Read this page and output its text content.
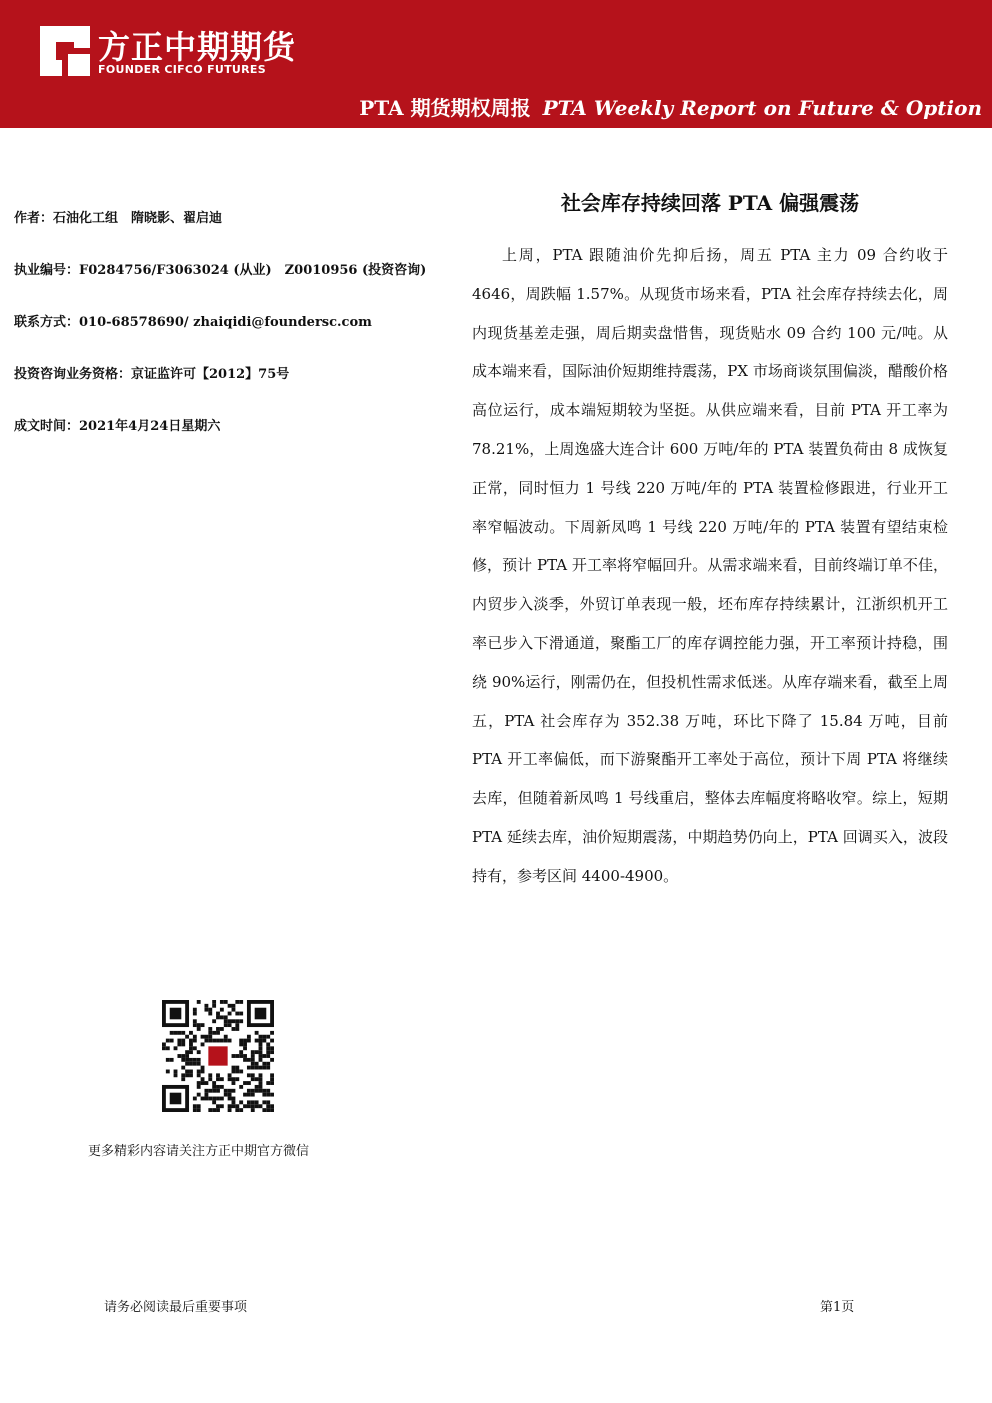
方正中期期货
FOUNDER CIFCO FUTURES
PTA 期货期权周报 PTA Weekly Report on Future & Option
作者：石油化工组　隋晓影、翟启迪
执业编号：F0284756/F3063024 (从业)　Z0010956 (投资咨询)
联系方式：010-68578690/ zhaiqidi@foundersc.com
投资咨询业务资格：京证监许可【2012】75号
成文时间：2021年4月24日星期六
社会库存持续回落 PTA 偏强震荡

上周，PTA 跟随油价先抑后扬，周五 PTA 主力 09 合约收于 4646，周跌幅 1.57%。从现货市场来看，PTA 社会库存持续去化，周内现货基差走强，周后期卖盘惜售，现货贴水 09 合约 100 元/吨。从成本端来看，国际油价短期维持震荡，PX 市场商谈氛围偏淡，醋酸价格高位运行，成本端短期较为坚挺。从供应端来看，目前 PTA 开工率为 78.21%，上周逸盛大连合计 600 万吨/年的 PTA 装置负荷由 8 成恢复正常，同时恒力 1 号线 220 万吨/年的 PTA 装置检修跟进，行业开工率窄幅波动。下周新凤鸣 1 号线 220 万吨/年的 PTA 装置有望结束检修，预计 PTA 开工率将窄幅回升。从需求端来看，目前终端订单不佳，内贸步入淡季，外贸订单表现一般，坯布库存持续累计，江浙织机开工率已步入下滑通道，聚酯工厂的库存调控能力强，开工率预计持稳，围绕 90%运行，刚需仍在，但投机性需求低迷。从库存端来看，截至上周五，PTA 社会库存为 352.38 万吨，环比下降了 15.84 万吨，目前 PTA 开工率偏低，而下游聚酯开工率处于高位，预计下周 PTA 将继续去库，但随着新凤鸣 1 号线重启，整体去库幅度将略收窄。综上，短期 PTA 延续去库，油价短期震荡，中期趋势仍向上，PTA 回调买入，波段持有，参考区间 4400-4900。

更多精彩内容请关注方正中期官方微信
请务必阅读最后重要事项	第1页
